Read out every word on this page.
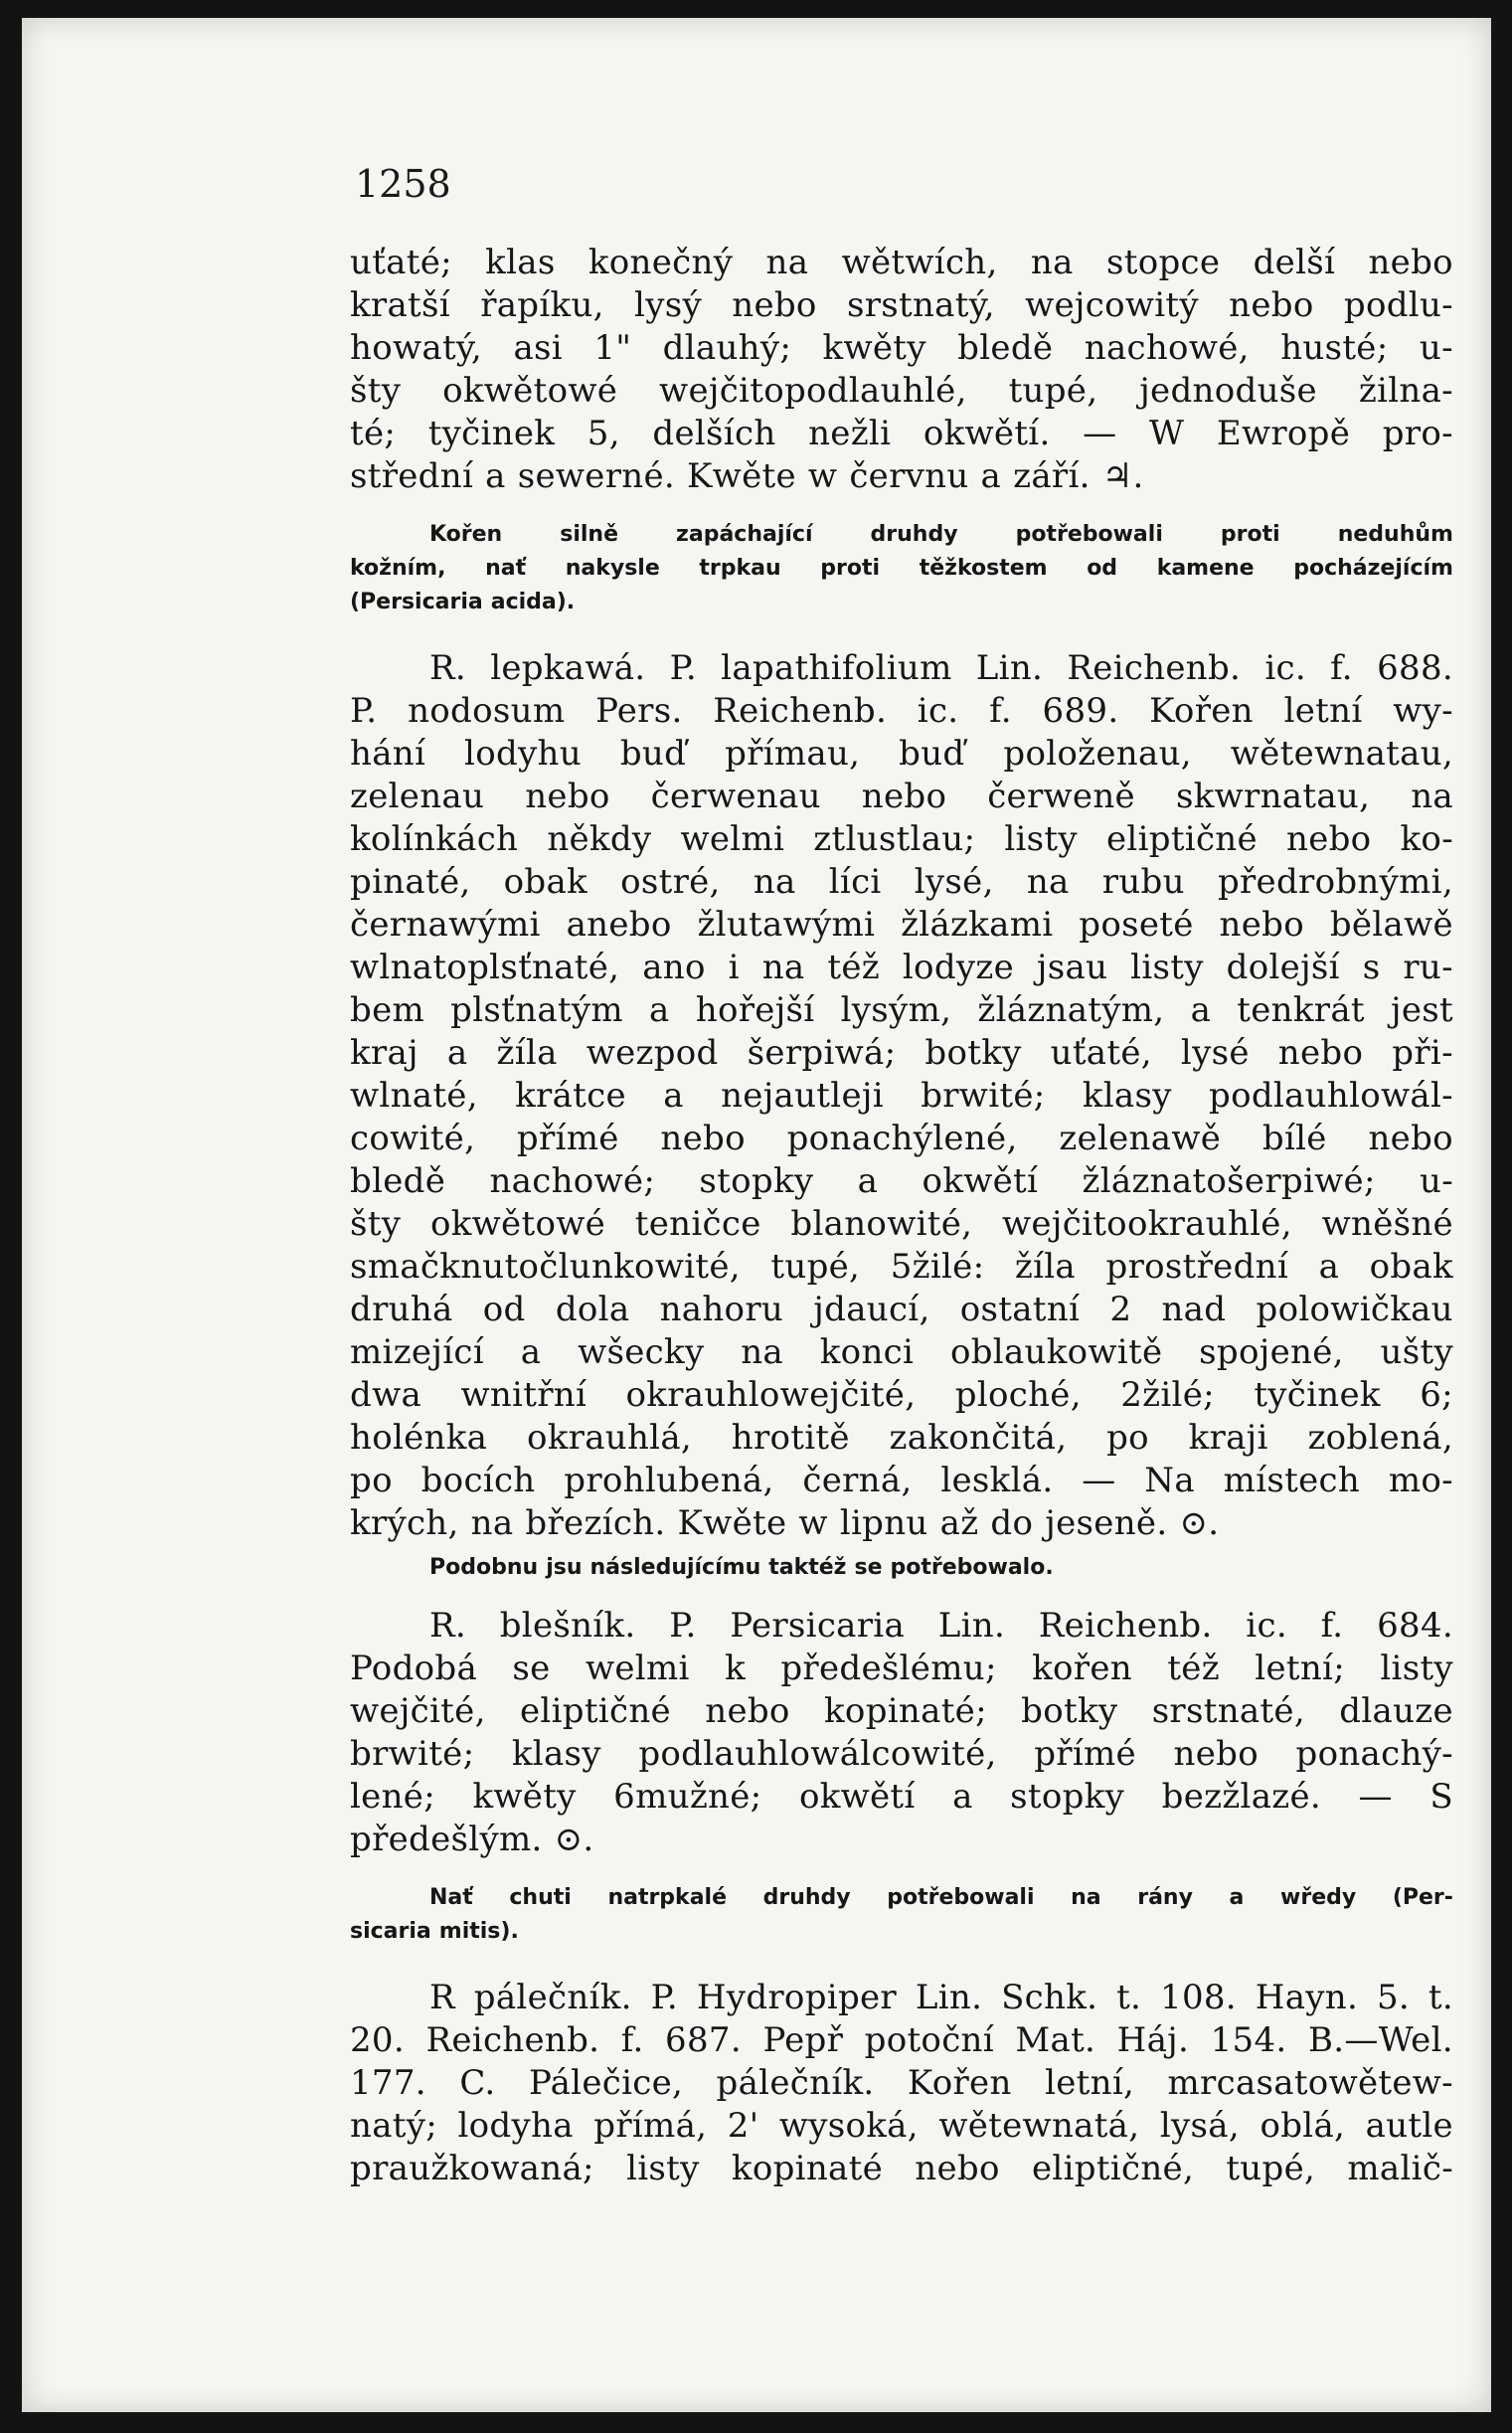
1258
uťaté; klas konečný na wětwích, na stopce delší nebo
kratší řapíku, lysý nebo srstnatý, wejcowitý nebo podlu-
howatý, asi 1" dlauhý; kwěty bledě nachowé, husté; u-
šty okwětowé wejčitopodlauhlé, tupé, jednoduše žilna-
té; tyčinek 5, delších nežli okwětí. — W Ewropě pro-
střední a sewerné. Kwěte w červnu a září. ♃.
Kořen	silně	zapáchající	druhdy	potřebowali	proti	neduhům
kožním, nať nakysle trpkau proti těžkostem od kamene pocházejícím
(Persicaria acida).
R. lepkawá. P. lapathifolium Lin. Reichenb. ic. f. 688.
P. nodosum Pers. Reichenb. ic. f. 689. Kořen letní wy-
hání lodyhu buď přímau, buď položenau, wětewnatau,
zelenau nebo čerwenau nebo čerweně skwrnatau, na
kolínkách někdy welmi ztlustlau; listy eliptičné nebo ko-
pinaté, obak ostré, na líci lysé, na rubu předrobnými,
černawými anebo žlutawými žlázkami poseté nebo bělawě
wlnatoplsťnaté, ano i na též lodyze jsau listy dolejší s ru-
bem plsťnatým a hořejší lysým, žláznatým, a tenkrát jest
kraj a žíla wezpod šerpiwá; botky uťaté, lysé nebo při-
wlnaté, krátce a nejautleji brwité; klasy podlauhlowál-
cowité, přímé nebo ponachýlené, zelenawě bílé nebo
bledě nachowé; stopky a okwětí žláznatošerpiwé; u-
šty okwětowé teničce blanowité, wejčitookrauhlé, wněšné
smačknutočlunkowité, tupé, 5žilé: žíla prostřední a obak
druhá od dola nahoru jdaucí, ostatní 2 nad polowičkau
mizející a wšecky na konci oblaukowitě spojené, ušty
dwa wnitřní okrauhlowejčité, ploché, 2žilé; tyčinek 6;
holénka okrauhlá, hrotitě zakončitá, po kraji zoblená,
po bocích prohlubená, černá, lesklá. — Na místech mo-
krých, na březích. Kwěte w lipnu až do jeseně. ⊙.
Podobnu jsu následujícímu taktéž se potřebowalo.
R. blešník. P. Persicaria Lin. Reichenb. ic. f. 684.
Podobá se welmi k předešlému; kořen též letní; listy
wejčité, eliptičné nebo kopinaté; botky srstnaté, dlauze
brwité; klasy podlauhlowálcowité, přímé nebo ponachý-
lené; kwěty 6mužné; okwětí a stopky bezžlazé. — S
předešlým. ⊙.
Nať chuti natrpkalé druhdy potřebowali na rány a wředy (Per-
sicaria mitis).
R pálečník. P. Hydropiper Lin. Schk. t. 108. Hayn. 5. t.
20. Reichenb. f. 687. Pepř potoční Mat. Háj. 154. B.—Wel.
177. C. Pálečice, pálečník. Kořen letní, mrcasatowětew-
natý; lodyha přímá, 2' wysoká, wětewnatá, lysá, oblá, autle
praužkowaná; listy kopinaté nebo eliptičné, tupé, malič-
